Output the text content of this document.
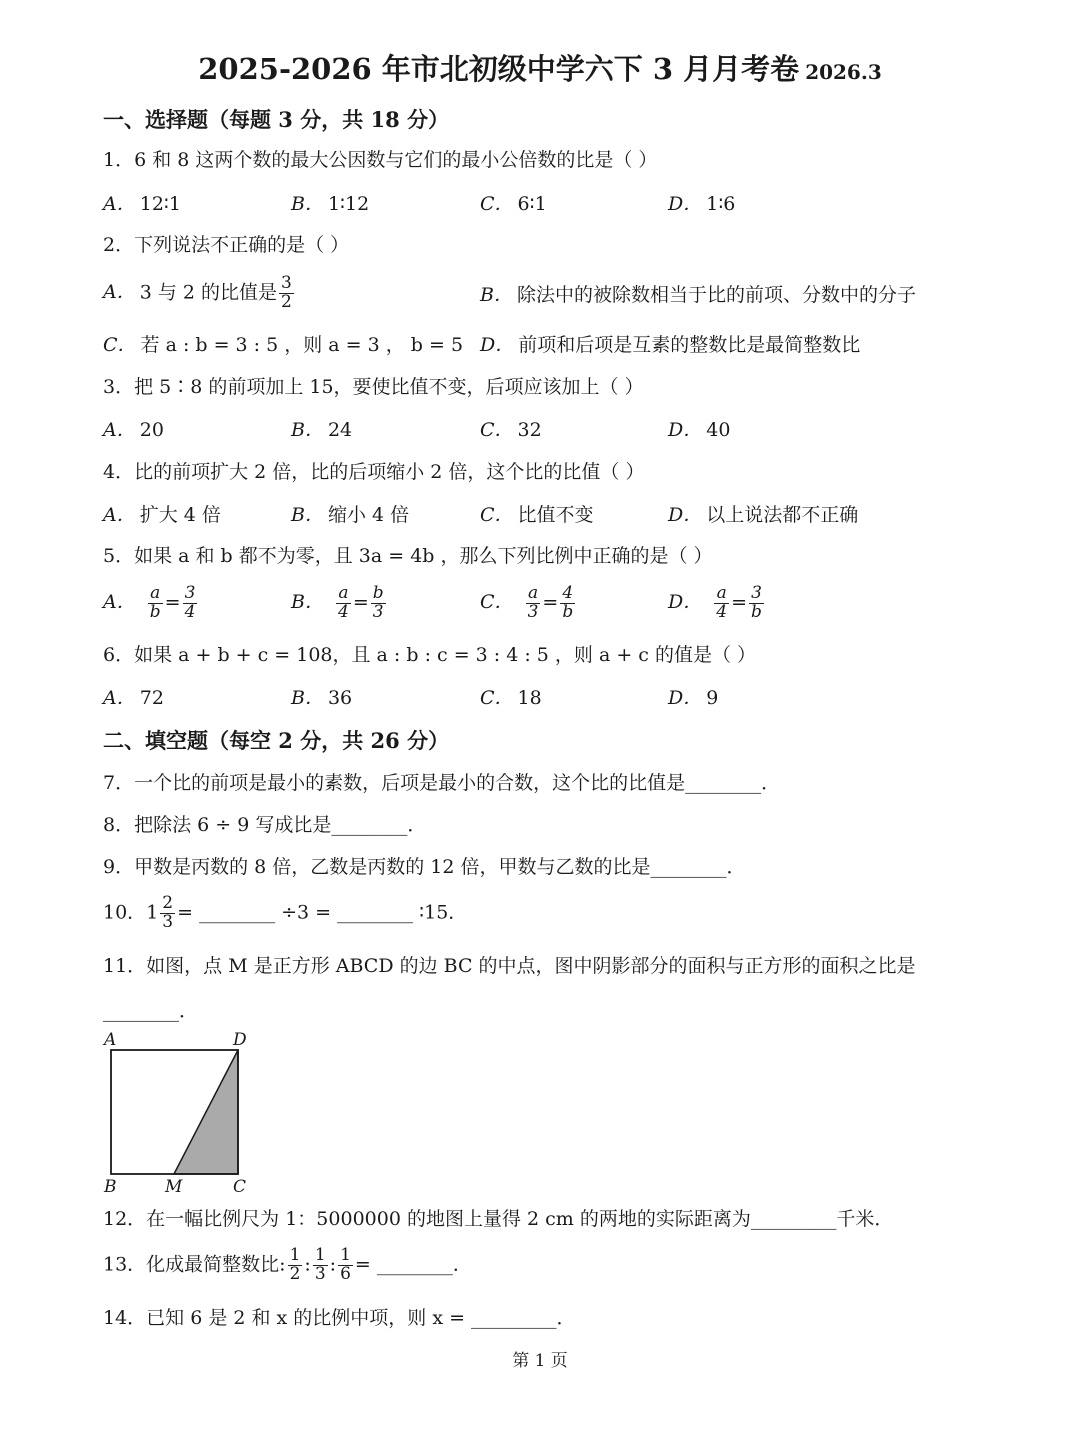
2025-2026 年市北初级中学六下 3 月月考卷 2026.3
一、选择题（每题 3 分，共 18 分）
1．6 和 8 这两个数的最大公因数与它们的最小公倍数的比是（ ）
A． 12∶1	B． 1∶12	C． 6∶1	D． 1∶6
2．下列说法不正确的是（ ）
A． 3 与 2 的比值是 $\frac{3}{2}$	B． 除法中的被除数相当于比的前项、分数中的分子
C． 若 a : b = 3 : 5 ，则 a = 3 ， b = 5 D． 前项和后项是互素的整数比是最简整数比
3．把 5∶8 的前项加上 15，要使比值不变，后项应该加上（ ）
A． 20	B． 24	C． 32	D． 40
4．比的前项扩大 2 倍，比的后项缩小 2 倍，这个比的比值（ ）
A． 扩大 4 倍	B． 缩小 4 倍	C． 比值不变	D． 以上说法都不正确
5．如果 a 和 b 都不为零，且 3a = 4b ，那么下列比例中正确的是（ ）
A． $\frac{a}{b} = \frac{3}{4}$	B． $\frac{a}{4} = \frac{b}{3}$	C． $\frac{a}{3} = \frac{4}{b}$	D． $\frac{a}{4} = \frac{3}{b}$
6．如果 a + b + c = 108，且 a : b : c = 3 : 4 : 5 ，则 a + c 的值是（ ）
A． 72	B． 36	C． 18	D． 9
二、填空题（每空 2 分，共 26 分）
7．一个比的前项是最小的素数，后项是最小的合数，这个比的比值是________．
8．把除法 6 ÷ 9 写成比是________．
9．甲数是丙数的 8 倍，乙数是丙数的 12 倍，甲数与乙数的比是________．
10．$1 \frac{2}{3}$ = ________ ÷3 = ________ ∶15．
11．如图，点 M 是正方形 ABCD 的边 BC 的中点，图中阴影部分的面积与正方形的面积之比是
________．
A	D
B	M	C
12．在一幅比例尺为 1：5000000 的地图上量得 2 cm 的两地的实际距离为_________千米．
13．化成最简整数比: $\frac{1}{2}$ : $\frac{1}{3}$ : $\frac{1}{6}$ = ________．
14．已知 6 是 2 和 x 的比例中项，则 x = _________．
第 1 页
